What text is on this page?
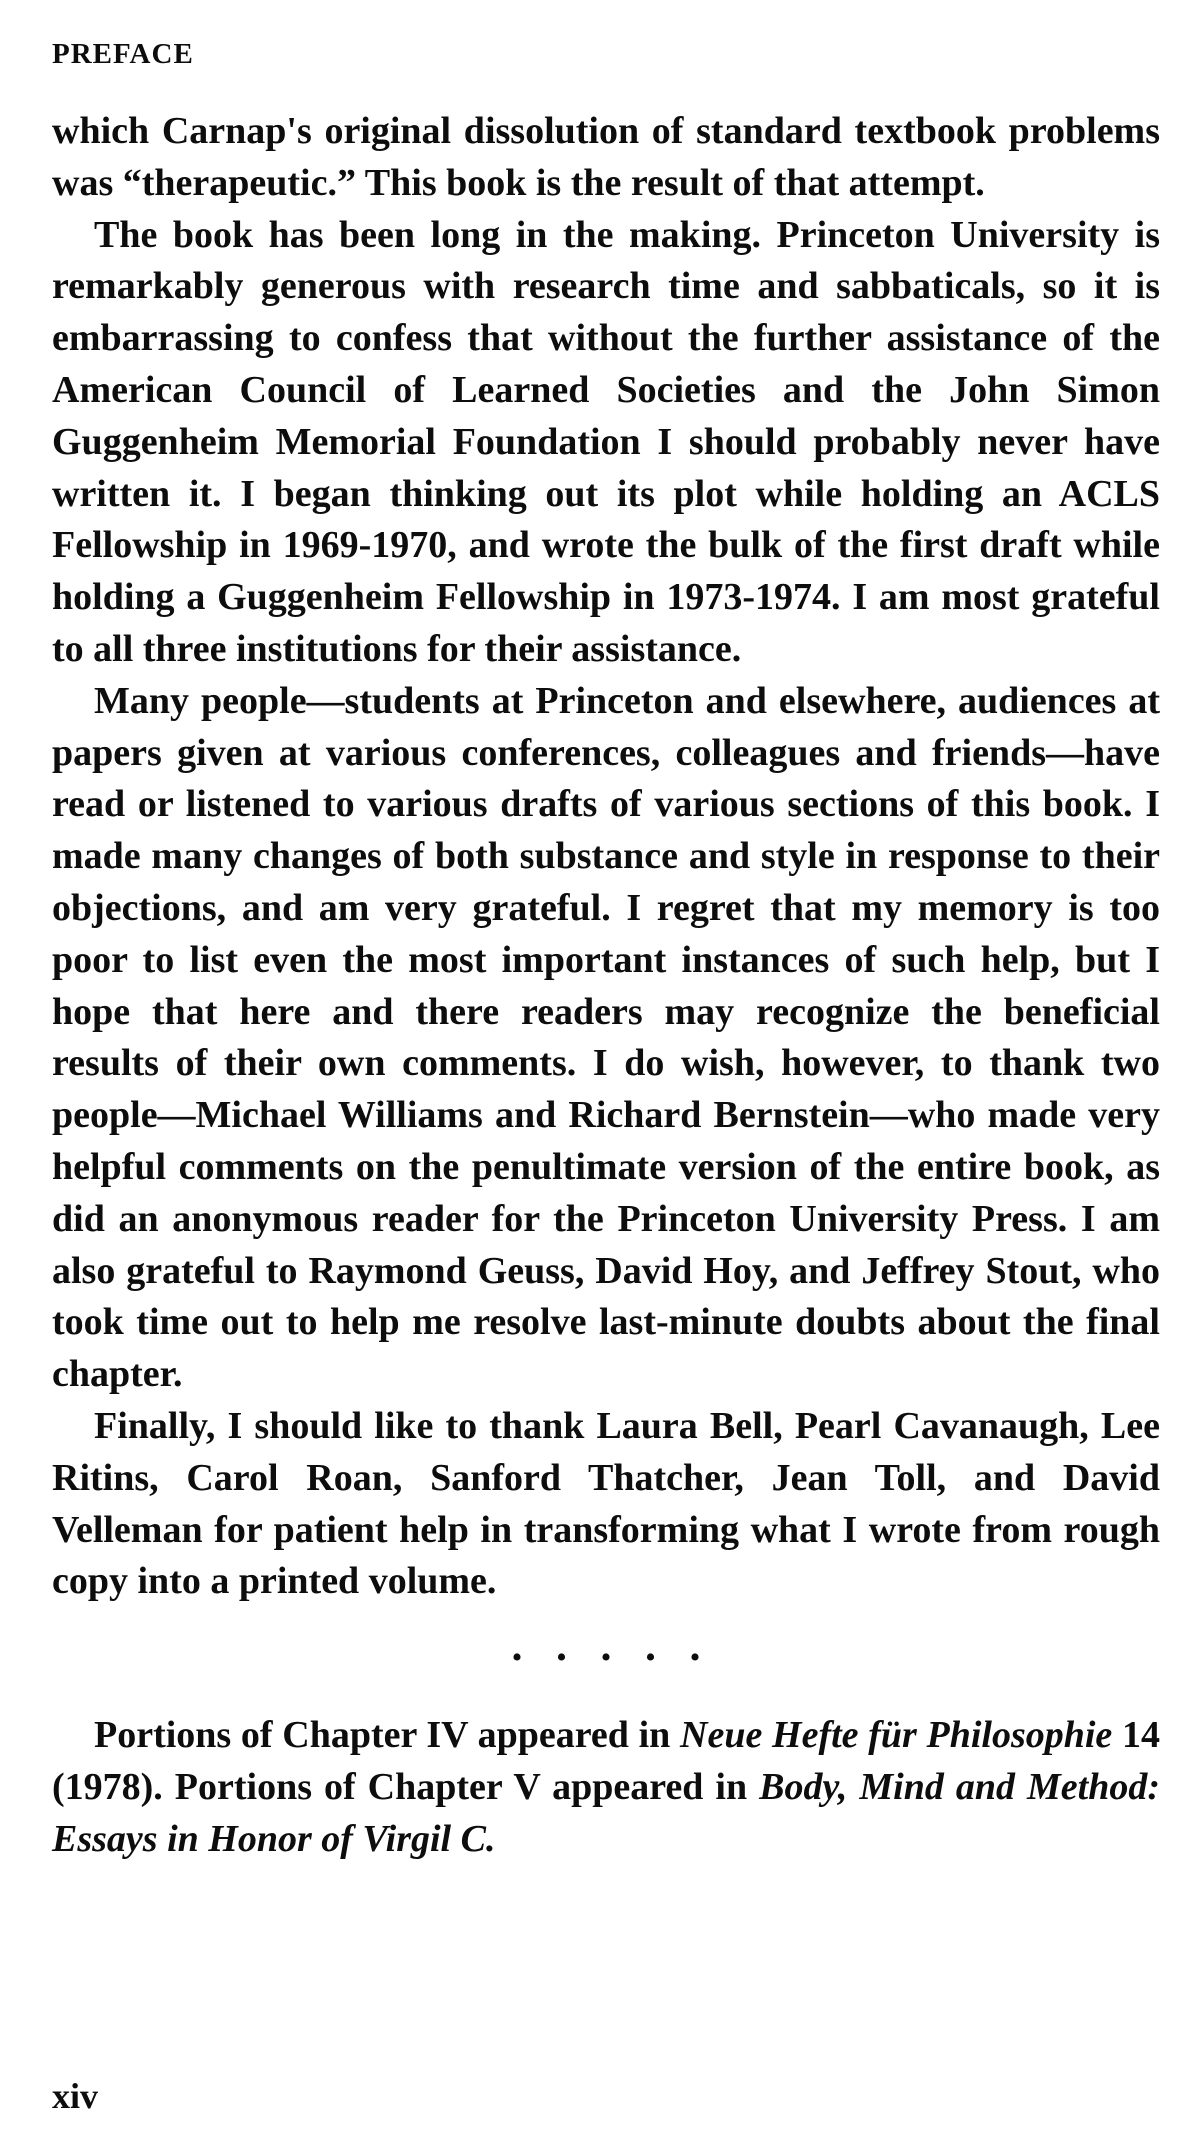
PREFACE

which Carnap's original dissolution of standard textbook problems was “therapeutic.” This book is the result of that attempt.

The book has been long in the making. Princeton University is remarkably generous with research time and sabbaticals, so it is embarrassing to confess that without the further assistance of the American Council of Learned Societies and the John Simon Guggenheim Memorial Foundation I should probably never have written it. I began thinking out its plot while holding an ACLS Fellowship in 1969-1970, and wrote the bulk of the first draft while holding a Guggenheim Fellowship in 1973-1974. I am most grateful to all three institutions for their assistance.

Many people—students at Princeton and elsewhere, audiences at papers given at various conferences, colleagues and friends—have read or listened to various drafts of various sections of this book. I made many changes of both substance and style in response to their objections, and am very grateful. I regret that my memory is too poor to list even the most important instances of such help, but I hope that here and there readers may recognize the beneficial results of their own comments. I do wish, however, to thank two people—Michael Williams and Richard Bernstein—who made very helpful comments on the penultimate version of the entire book, as did an anonymous reader for the Princeton University Press. I am also grateful to Raymond Geuss, David Hoy, and Jeffrey Stout, who took time out to help me resolve last-minute doubts about the final chapter.

Finally, I should like to thank Laura Bell, Pearl Cavanaugh, Lee Ritins, Carol Roan, Sanford Thatcher, Jean Toll, and David Velleman for patient help in transforming what I wrote from rough copy into a printed volume.

•••••

Portions of Chapter IV appeared in Neue Hefte für Philosophie 14 (1978). Portions of Chapter V appeared in Body, Mind and Method: Essays in Honor of Virgil C.

xiv
